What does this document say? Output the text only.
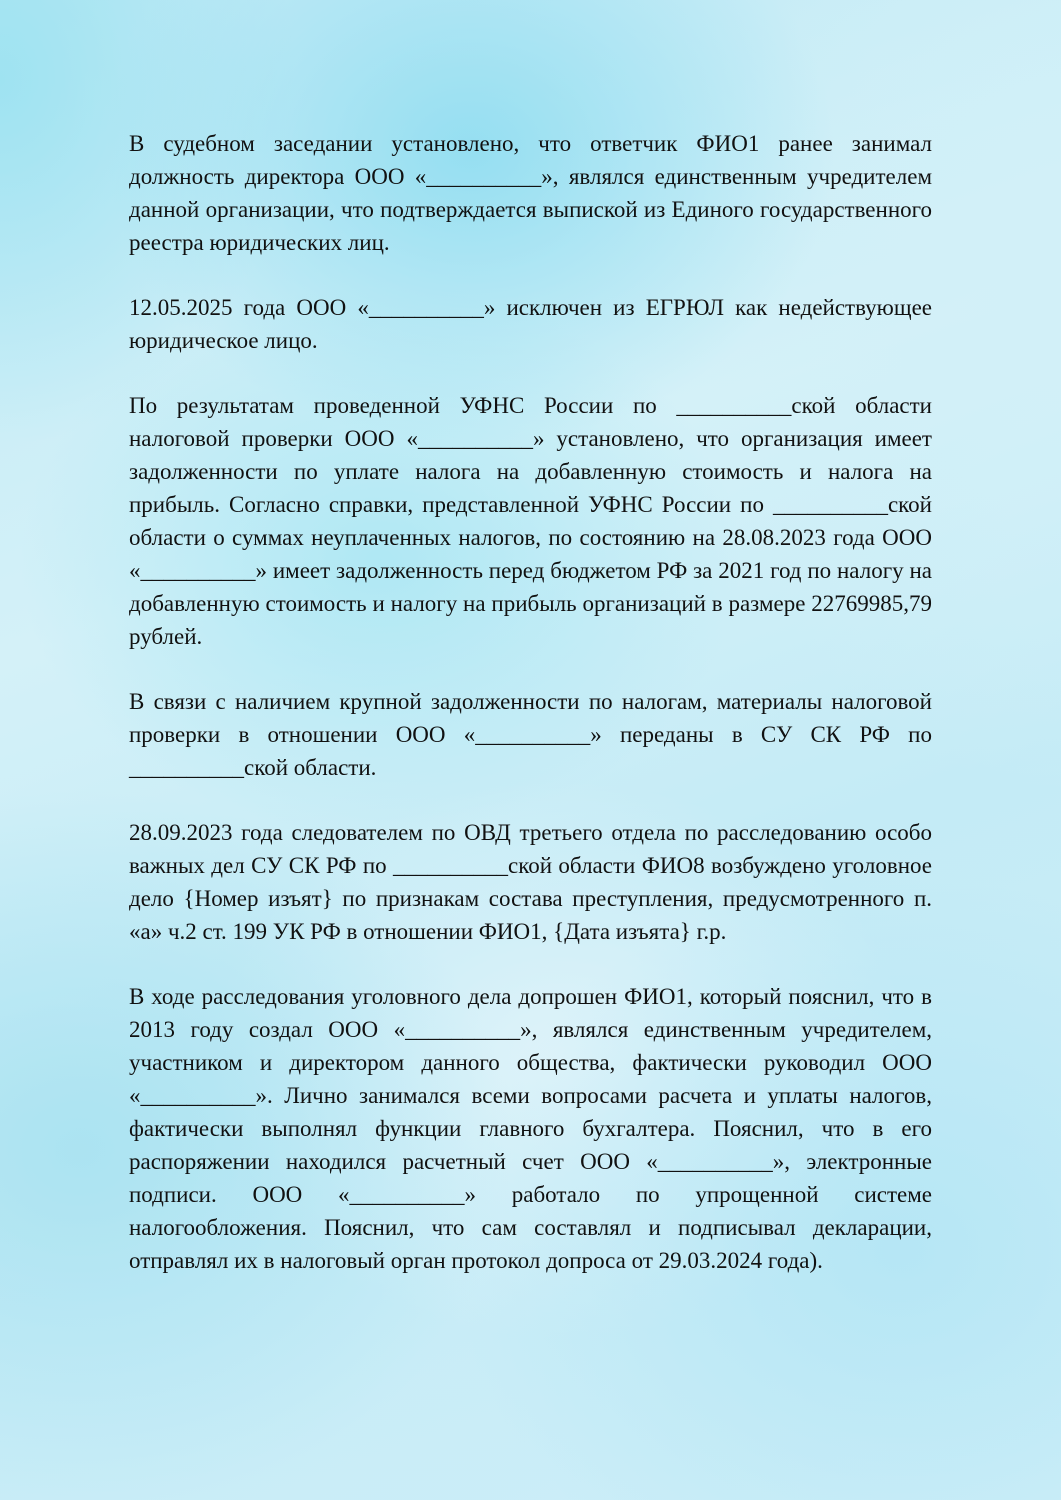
В судебном заседании установлено, что ответчик ФИО1 ранее занимал должность директора ООО «__________», являлся единственным учредителем данной организации, что подтверждается выпиской из Единого государственного реестра юридических лиц.

12.05.2025 года ООО «__________» исключен из ЕГРЮЛ как недействующее юридическое лицо.

По результатам проведенной УФНС России по __________ской области налоговой проверки ООО «__________» установлено, что организация имеет задолженности по уплате налога на добавленную стоимость и налога на прибыль. Согласно справки, представленной УФНС России по __________ской области о суммах неуплаченных налогов, по состоянию на 28.08.2023 года ООО «__________» имеет задолженность перед бюджетом РФ за 2021 год по налогу на добавленную стоимость и налогу на прибыль организаций в размере 22769985,79 рублей.

В связи с наличием крупной задолженности по налогам, материалы налоговой проверки в отношении ООО «__________» переданы в СУ СК РФ по __________ской области.

28.09.2023 года следователем по ОВД третьего отдела по расследованию особо важных дел СУ СК РФ по __________ской области ФИО8 возбуждено уголовное дело {Номер изъят} по признакам состава преступления, предусмотренного п. «а» ч.2 ст. 199 УК РФ в отношении ФИО1, {Дата изъята} г.р.

В ходе расследования уголовного дела допрошен ФИО1, который пояснил, что в 2013 году создал ООО «__________», являлся единственным учредителем, участником и директором данного общества, фактически руководил ООО «__________». Лично занимался всеми вопросами расчета и уплаты налогов, фактически выполнял функции главного бухгалтера. Пояснил, что в его распоряжении находился расчетный счет ООО «__________», электронные подписи. ООО «__________» работало по упрощенной системе налогообложения. Пояснил, что сам составлял и подписывал декларации, отправлял их в налоговый орган протокол допроса от 29.03.2024 года).
